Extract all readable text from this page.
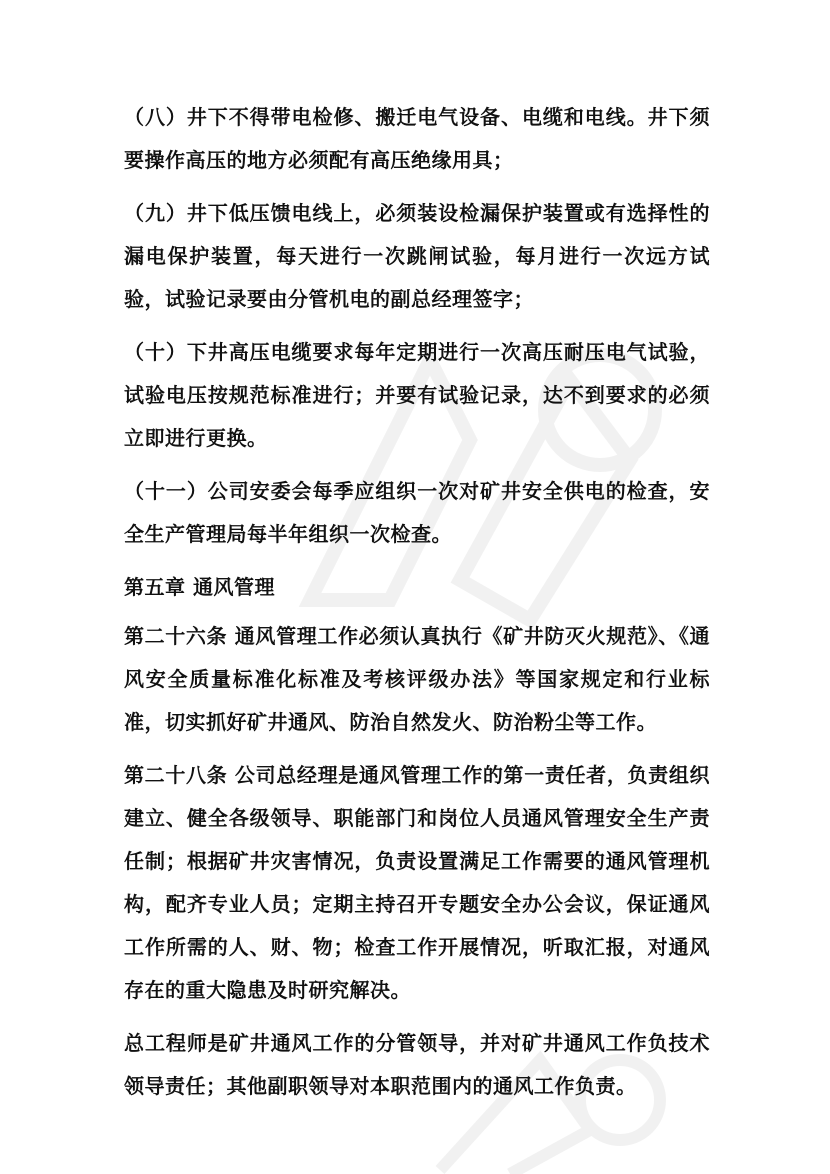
（八）井下不得带电检修、搬迁电气设备、电缆和电线。井下须要操作高压的地方必须配有高压绝缘用具；

（九）井下低压馈电线上，必须装设检漏保护装置或有选择性的漏电保护装置，每天进行一次跳闸试验，每月进行一次远方试验，试验记录要由分管机电的副总经理签字；

（十）下井高压电缆要求每年定期进行一次高压耐压电气试验，试验电压按规范标准进行；并要有试验记录，达不到要求的必须立即进行更换。

（十一）公司安委会每季应组织一次对矿井安全供电的检查，安全生产管理局每半年组织一次检查。

第五章 通风管理

第二十六条 通风管理工作必须认真执行《矿井防灭火规范》、《通风安全质量标准化标准及考核评级办法》等国家规定和行业标准，切实抓好矿井通风、防治自然发火、防治粉尘等工作。

第二十八条 公司总经理是通风管理工作的第一责任者，负责组织建立、健全各级领导、职能部门和岗位人员通风管理安全生产责任制；根据矿井灾害情况，负责设置满足工作需要的通风管理机构，配齐专业人员；定期主持召开专题安全办公会议，保证通风工作所需的人、财、物；检查工作开展情况，听取汇报，对通风存在的重大隐患及时研究解决。

总工程师是矿井通风工作的分管领导，并对矿井通风工作负技术领导责任；其他副职领导对本职范围内的通风工作负责。
